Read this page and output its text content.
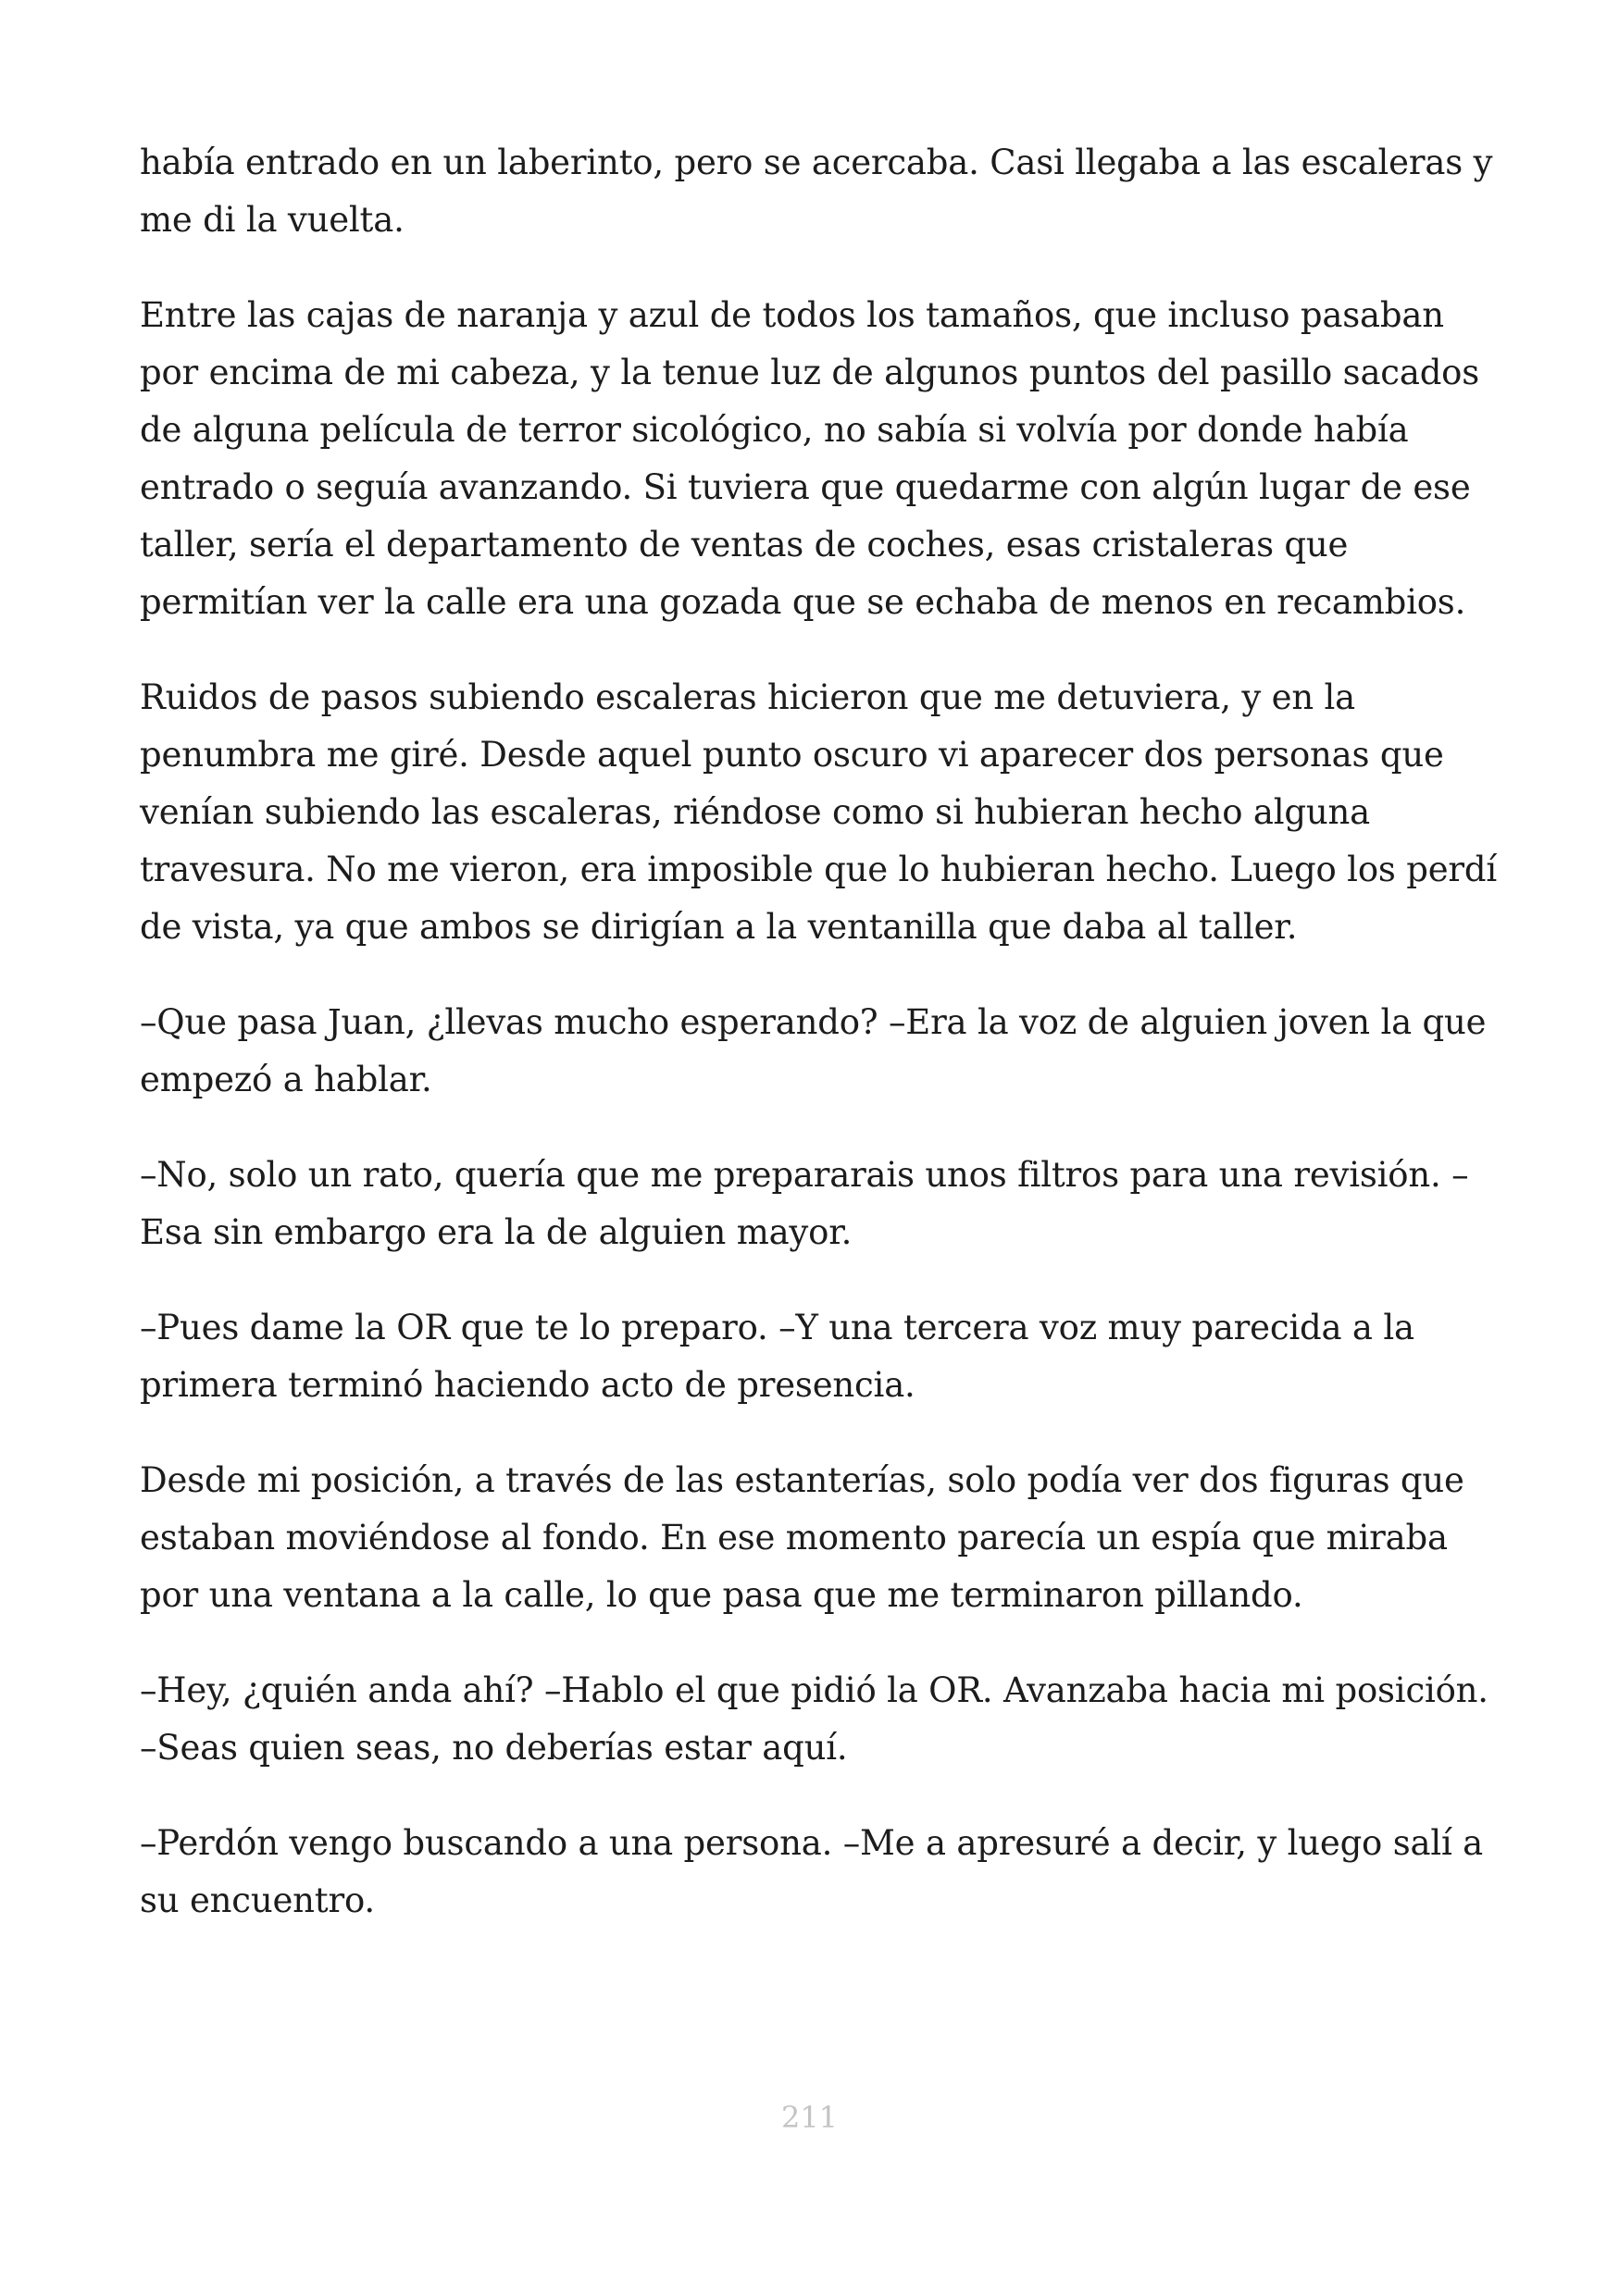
había entrado en un laberinto, pero se acercaba. Casi llegaba a las escaleras y me di la vuelta.

Entre las cajas de naranja y azul de todos los tamaños, que incluso pasaban por encima de mi cabeza, y la tenue luz de algunos puntos del pasillo sacados de alguna película de terror sicológico, no sabía si volvía por donde había entrado o seguía avanzando. Si tuviera que quedarme con algún lugar de ese taller, sería el departamento de ventas de coches, esas cristaleras que permitían ver la calle era una gozada que se echaba de menos en recambios.

Ruidos de pasos subiendo escaleras hicieron que me detuviera, y en la penumbra me giré. Desde aquel punto oscuro vi aparecer dos personas que venían subiendo las escaleras, riéndose como si hubieran hecho alguna travesura. No me vieron, era imposible que lo hubieran hecho. Luego los perdí de vista, ya que ambos se dirigían a la ventanilla que daba al taller.

–Que pasa Juan, ¿llevas mucho esperando? –Era la voz de alguien joven la que empezó a hablar.

–No, solo un rato, quería que me prepararais unos filtros para una revisión. –Esa sin embargo era la de alguien mayor.

–Pues dame la OR que te lo preparo. –Y una tercera voz muy parecida a la primera terminó haciendo acto de presencia.

Desde mi posición, a través de las estanterías, solo podía ver dos figuras que estaban moviéndose al fondo. En ese momento parecía un espía que miraba por una ventana a la calle, lo que pasa que me terminaron pillando.

–Hey, ¿quién anda ahí? –Hablo el que pidió la OR. Avanzaba hacia mi posición. –Seas quien seas, no deberías estar aquí.

–Perdón vengo buscando a una persona. –Me a apresuré a decir, y luego salí a su encuentro.

211
